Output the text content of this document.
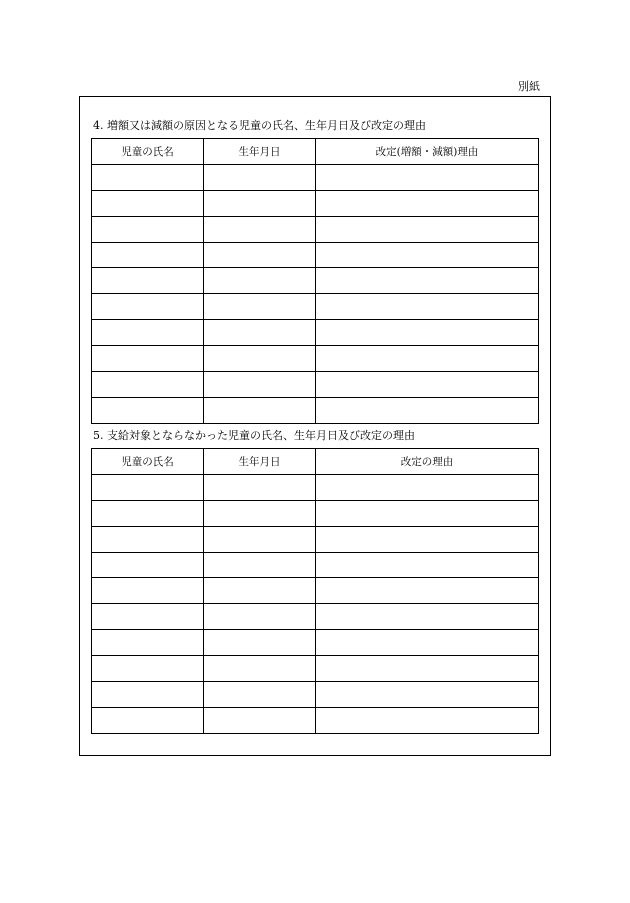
別紙
4. 増額又は減額の原因となる児童の氏名、生年月日及び改定の理由
児童の氏名	生年月日	改定(増額・減額)理由

5. 支給対象とならなかった児童の氏名、生年月日及び改定の理由
児童の氏名	生年月日	改定の理由
